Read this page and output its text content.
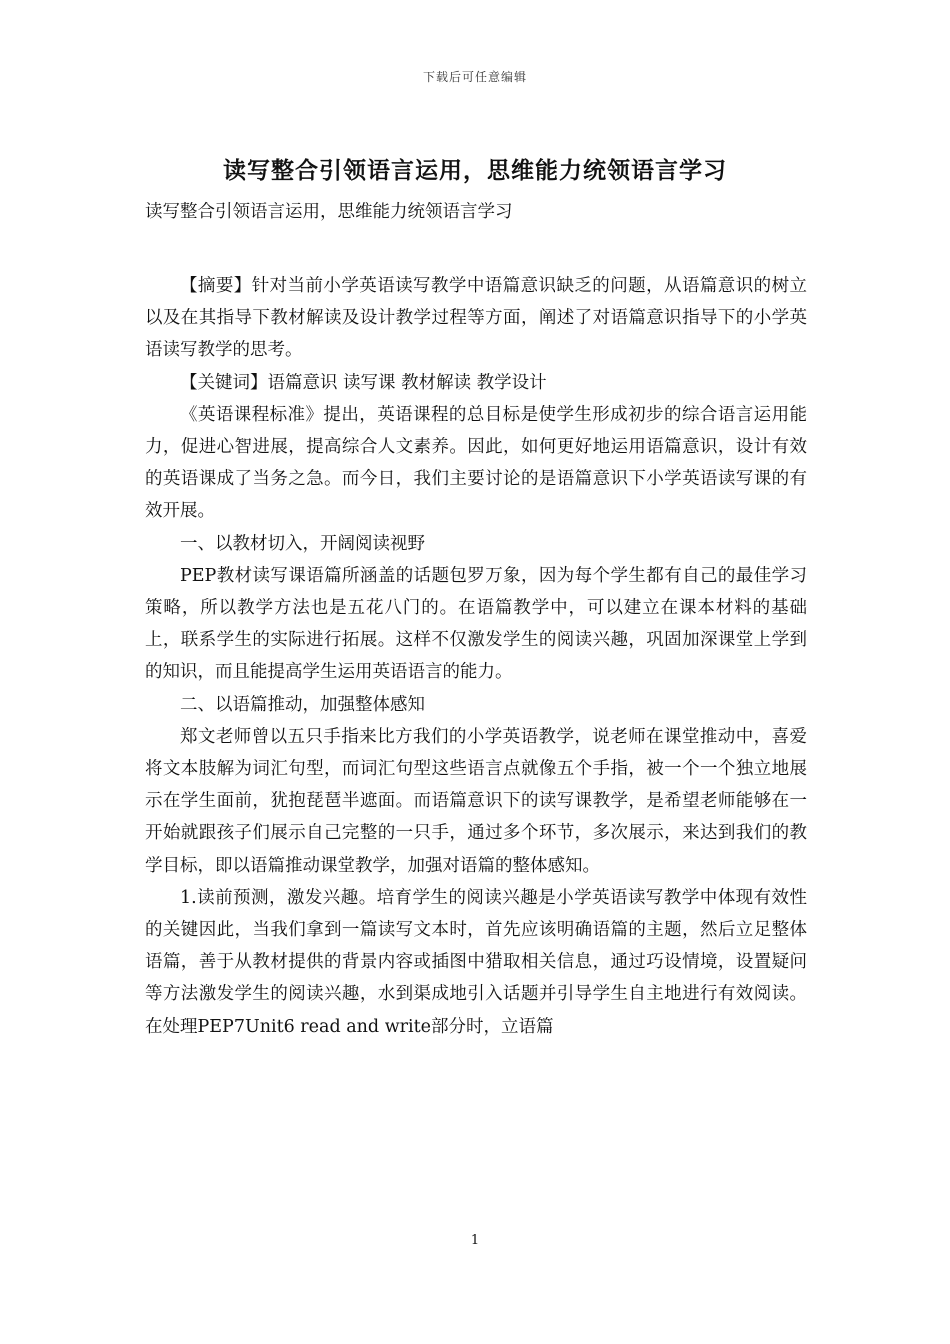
下载后可任意编辑
读写整合引领语言运用，思维能力统领语言学习
读写整合引领语言运用，思维能力统领语言学习

【摘要】针对当前小学英语读写教学中语篇意识缺乏的问题，从语篇意识的树立以及在其指导下教材解读及设计教学过程等方面，阐述了对语篇意识指导下的小学英语读写教学的思考。

【关键词】语篇意识 读写课 教材解读 教学设计

《英语课程标准》提出，英语课程的总目标是使学生形成初步的综合语言运用能力，促进心智进展，提高综合人文素养。因此，如何更好地运用语篇意识，设计有效的英语课成了当务之急。而今日，我们主要讨论的是语篇意识下小学英语读写课的有效开展。

一、以教材切入，开阔阅读视野

PEP教材读写课语篇所涵盖的话题包罗万象，因为每个学生都有自己的最佳学习策略，所以教学方法也是五花八门的。在语篇教学中，可以建立在课本材料的基础上，联系学生的实际进行拓展。这样不仅激发学生的阅读兴趣，巩固加深课堂上学到的知识，而且能提高学生运用英语语言的能力。

二、以语篇推动，加强整体感知

郑文老师曾以五只手指来比方我们的小学英语教学，说老师在课堂推动中，喜爱将文本肢解为词汇句型，而词汇句型这些语言点就像五个手指，被一个一个独立地展示在学生面前，犹抱琵琶半遮面。而语篇意识下的读写课教学，是希望老师能够在一开始就跟孩子们展示自己完整的一只手，通过多个环节，多次展示，来达到我们的教学目标，即以语篇推动课堂教学，加强对语篇的整体感知。

1.读前预测，激发兴趣。培育学生的阅读兴趣是小学英语读写教学中体现有效性的关键因此，当我们拿到一篇读写文本时，首先应该明确语篇的主题，然后立足整体语篇，善于从教材提供的背景内容或插图中猎取相关信息，通过巧设情境，设置疑问等方法激发学生的阅读兴趣，水到渠成地引入话题并引导学生自主地进行有效阅读。在处理PEP7Unit6 read and write部分时，立语篇

1
